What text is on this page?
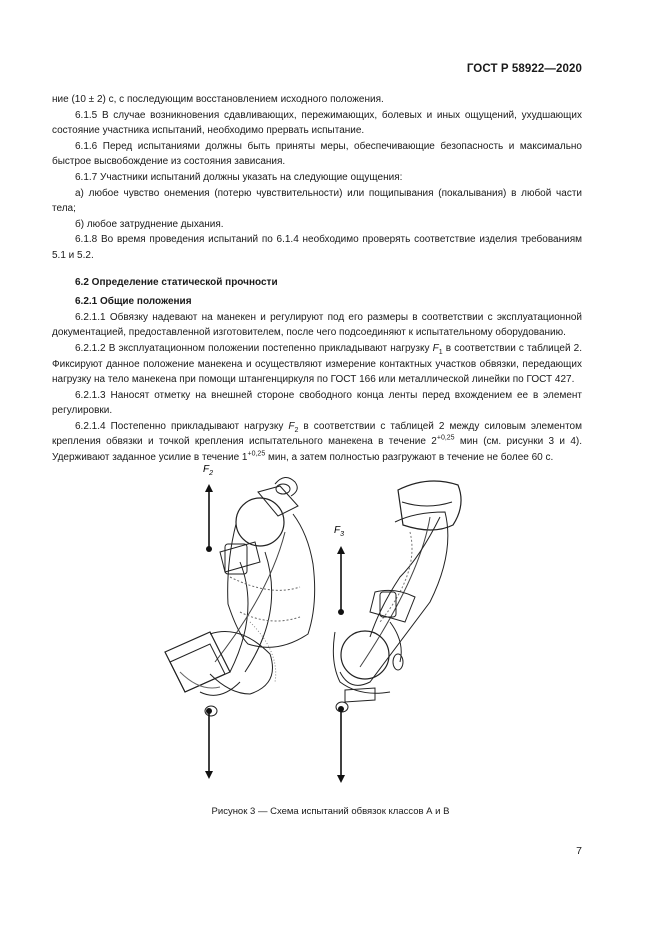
ГОСТ Р 58922—2020

ние (10 ± 2) с, с последующим восстановлением исходного положения.

6.1.5 В случае возникновения сдавливающих, пережимающих, болевых и иных ощущений, ухудшающих состояние участника испытаний, необходимо прервать испытание.

6.1.6 Перед испытаниями должны быть приняты меры, обеспечивающие безопасность и максимально быстрое высвобождение из состояния зависания.

6.1.7 Участники испытаний должны указать на следующие ощущения:

а) любое чувство онемения (потерю чувствительности) или пощипывания (покалывания) в любой части тела;

б) любое затруднение дыхания.

6.1.8 Во время проведения испытаний по 6.1.4 необходимо проверять соответствие изделия требованиям 5.1 и 5.2.

6.2 Определение статической прочности

6.2.1 Общие положения

6.2.1.1 Обвязку надевают на манекен и регулируют под его размеры в соответствии с эксплуатационной документацией, предоставленной изготовителем, после чего подсоединяют к испытательному оборудованию.

6.2.1.2 В эксплуатационном положении постепенно прикладывают нагрузку $F_1$ в соответствии с таблицей 2. Фиксируют данное положение манекена и осуществляют измерение контактных участков обвязки, передающих нагрузку на тело манекена при помощи штангенциркуля по ГОСТ 166 или металлической линейки по ГОСТ 427.

6.2.1.3 Наносят отметку на внешней стороне свободного конца ленты перед вхождением ее в элемент регулировки.

6.2.1.4 Постепенно прикладывают нагрузку $F_2$ в соответствии с таблицей 2 между силовым элементом крепления обвязки и точкой крепления испытательного манекена в течение $2^{+0,25}$ мин (см. рисунки 3 и 4). Удерживают заданное усилие в течение $1^{+0,25}$ мин, а затем полностью разгружают в течение не более 60 с.

$F_2$
$F_3$
Рисунок 3 — Схема испытаний обвязок классов А и В
7
